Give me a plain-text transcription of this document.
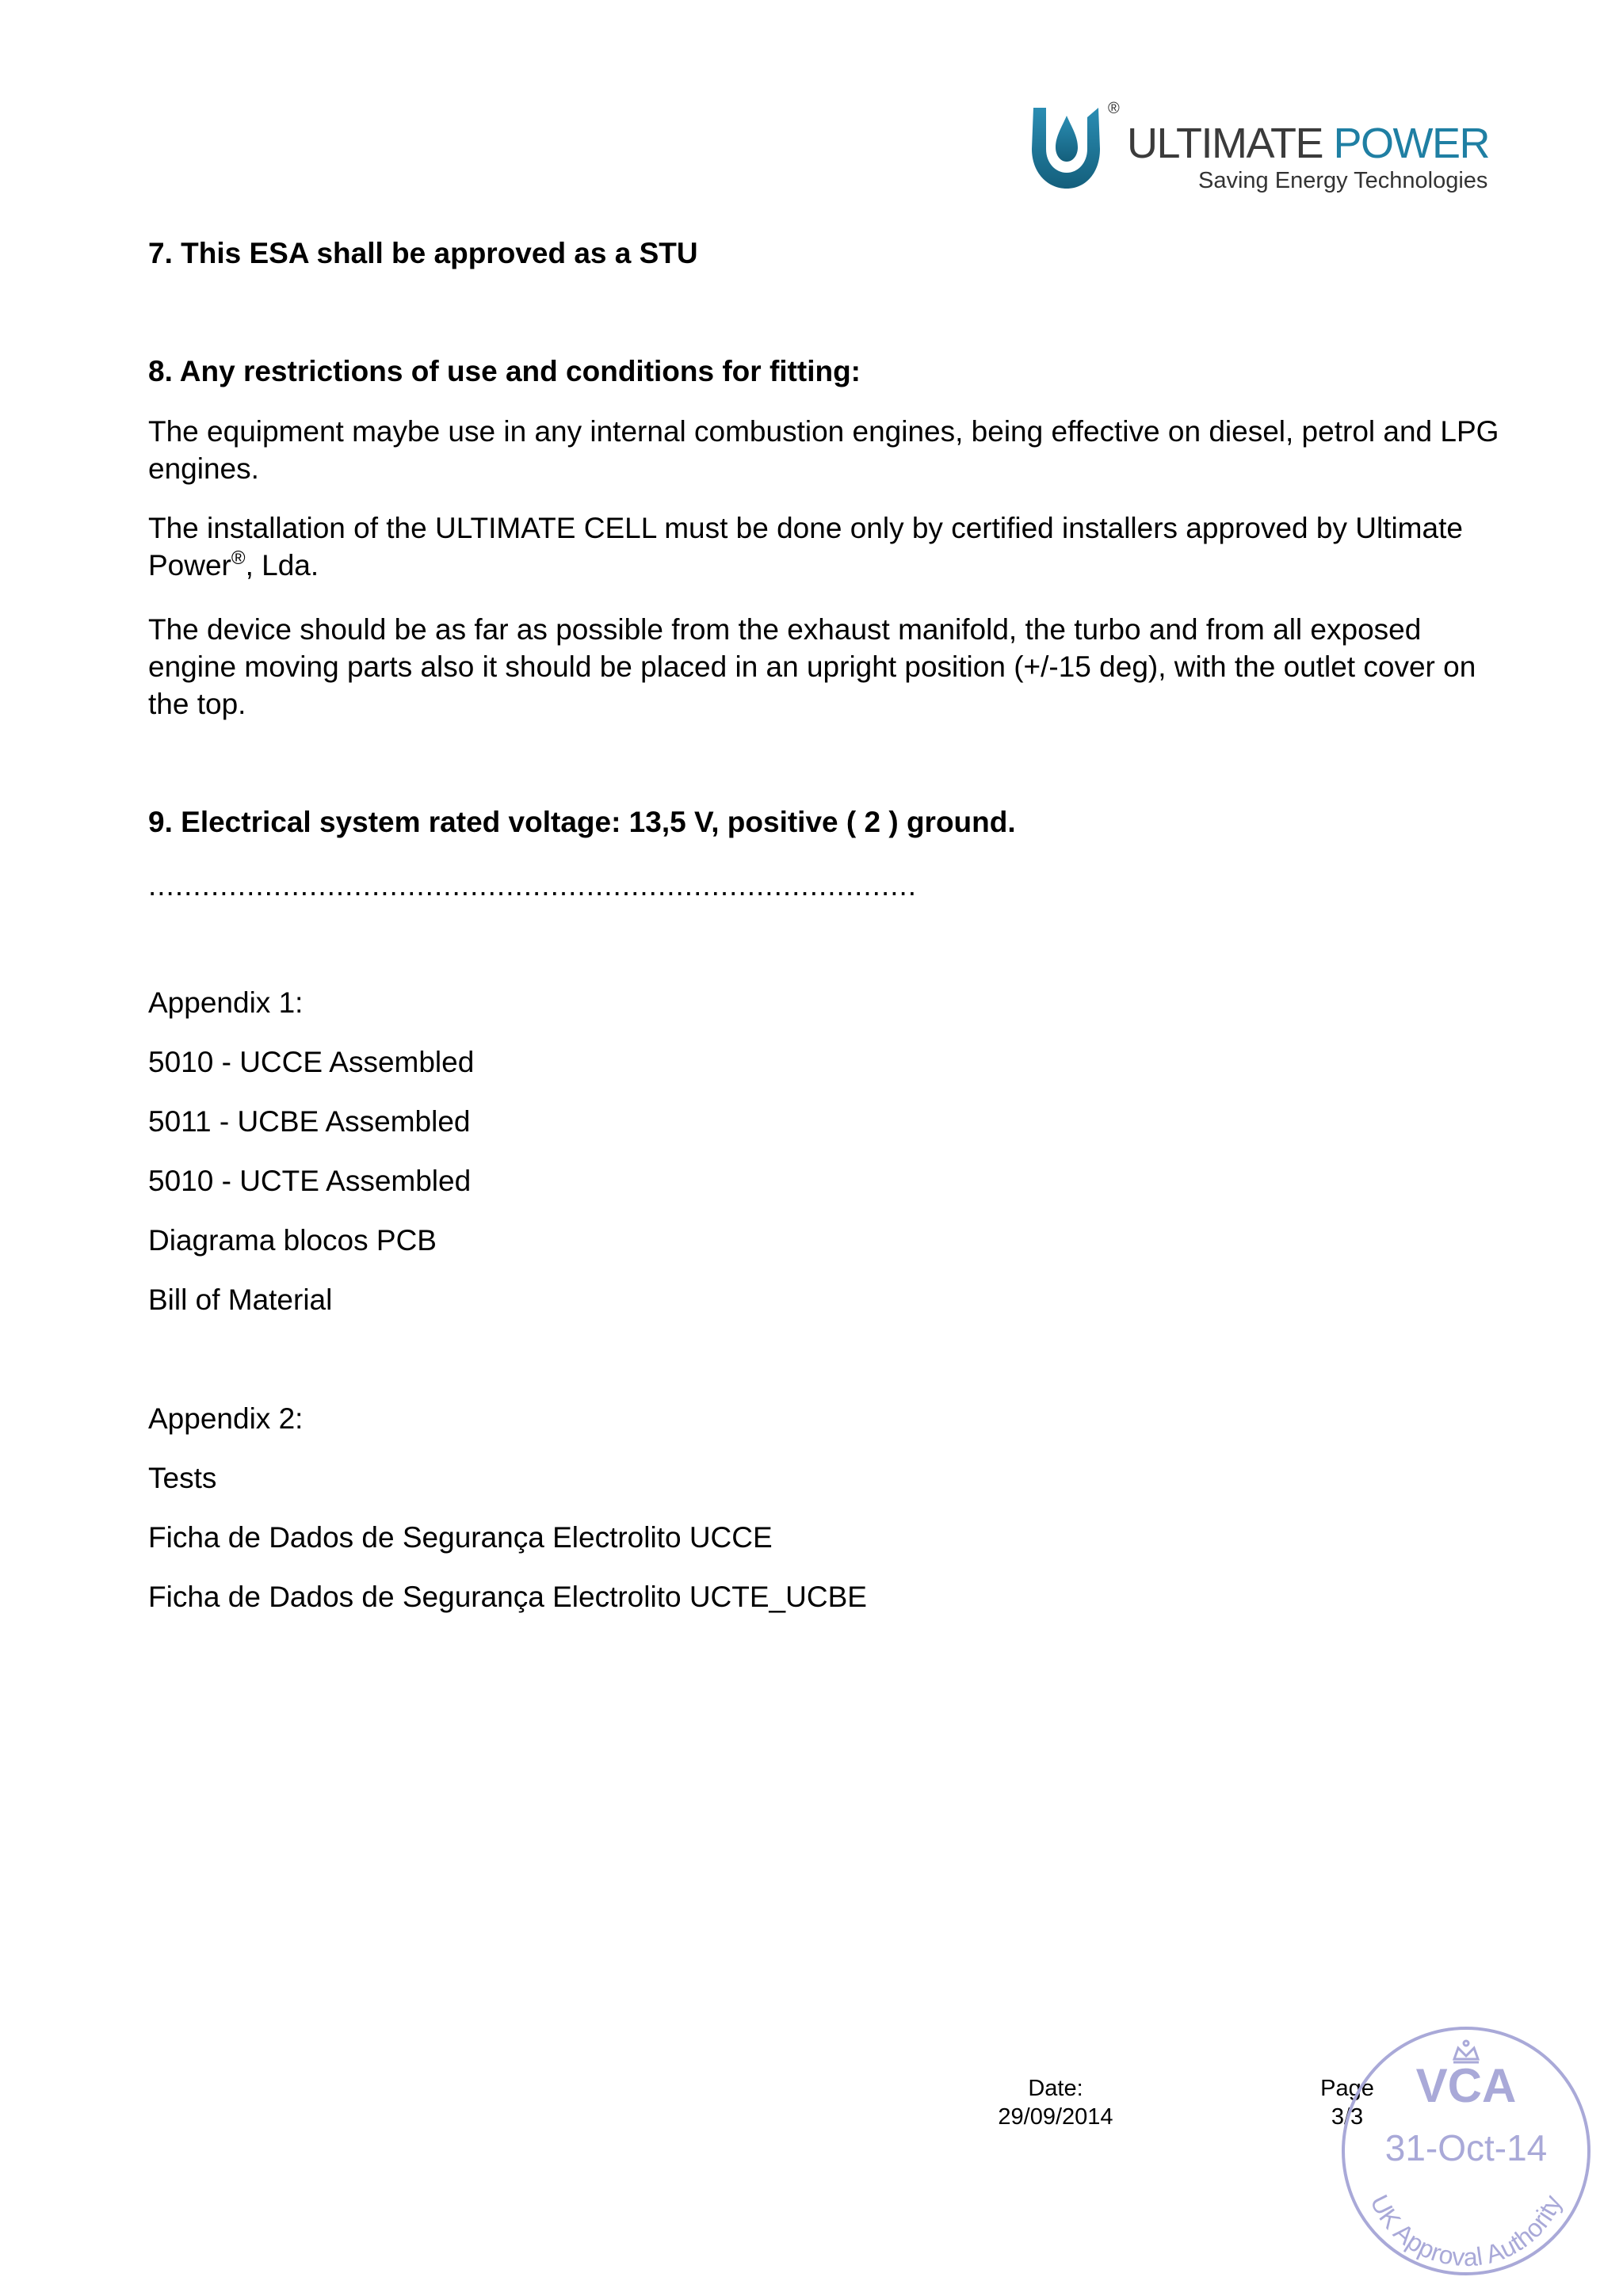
®
ULTIMATE POWER
Saving Energy Technologies
7. This ESA shall be approved as a STU
8. Any restrictions of use and conditions for fitting:
The equipment maybe use in any internal combustion engines, being effective on diesel, petrol and LPG engines.
The installation of the ULTIMATE CELL must be done only by certified installers approved by Ultimate Power®, Lda.
The device should be as far as possible from the exhaust manifold, the turbo and from all exposed engine moving parts also it should be placed in an upright position (+/-15 deg), with the outlet cover on the top.
9. Electrical system rated voltage: 13,5 V, positive ( 2 ) ground.
......................................................................................
Appendix 1:
5010 - UCCE Assembled
5011 - UCBE Assembled
5010 - UCTE Assembled
Diagrama blocos PCB
Bill of Material
Appendix 2:
Tests
Ficha de Dados de Segurança Electrolito UCCE
Ficha de Dados de Segurança Electrolito UCTE_UCBE
Date:
29/09/2014
Page
3/3
VCA
31-Oct-14
UK Approval Authority
